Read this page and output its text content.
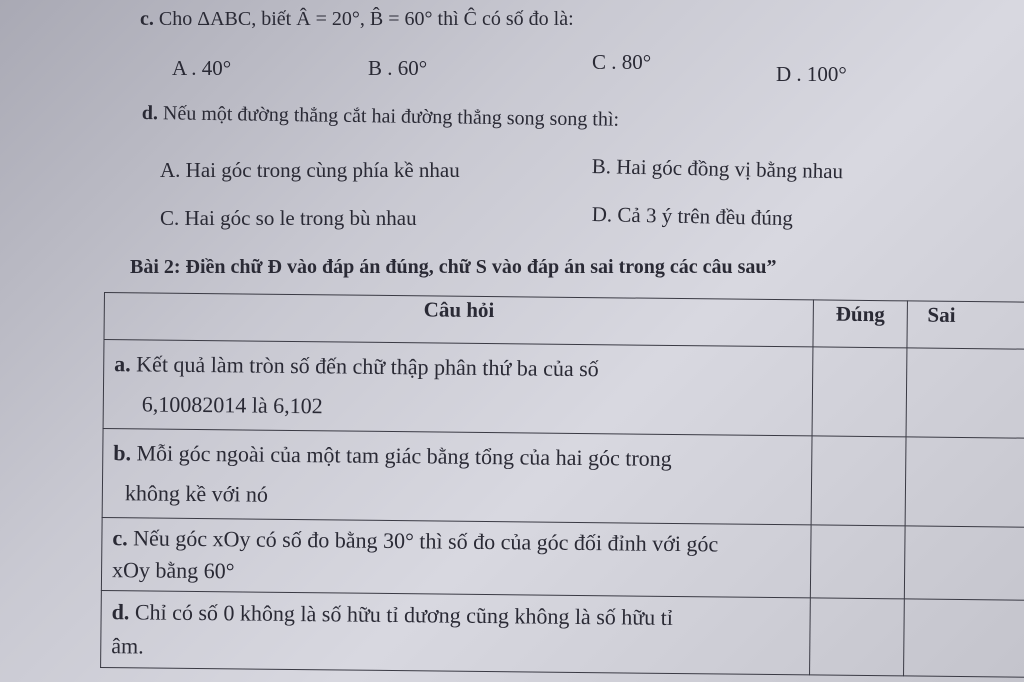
c. Cho ΔABC, biết Â = 20°, B̂ = 60° thì Ĉ có số đo là:
A . 40°	B . 60°	C . 80°	D . 100°
d. Nếu một đường thẳng cắt hai đường thẳng song song thì:
A. Hai góc trong cùng phía kề nhau	B. Hai góc đồng vị bằng nhau
C. Hai góc so le trong bù nhau	D. Cả 3 ý trên đều đúng
Bài 2: Điền chữ Đ vào đáp án đúng, chữ S vào đáp án sai trong các câu sau”
Câu hỏi	Đúng	Sai
a. Kết quả làm tròn số đến chữ thập phân thứ ba của số
6,10082014 là 6,102		
b. Mỗi góc ngoài của một tam giác bằng tổng của hai góc trong
không kề với nó		
c. Nếu góc xOy có số đo bằng 30° thì số đo của góc đối đỉnh với góc
xOy bằng 60°		
d. Chỉ có số 0 không là số hữu tỉ dương cũng không là số hữu tỉ
âm.		
